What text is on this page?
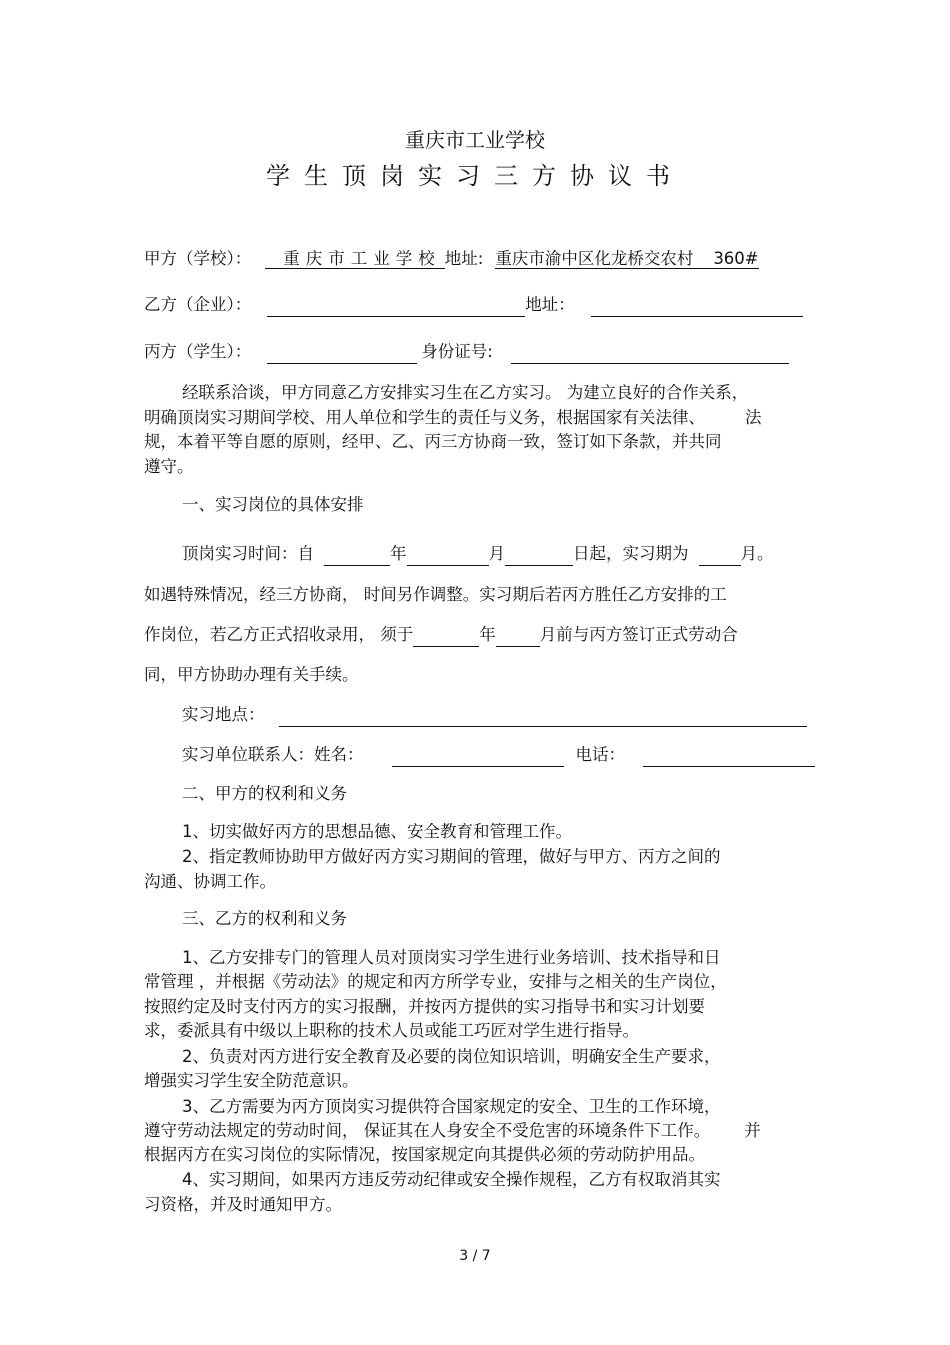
重庆市工业学校
学生顶岗实习三方协议书
甲方（学校）： 重庆市工业学校 地址: 重庆市渝中区化龙桥交农村 360#
乙方（企业）：	地址：
丙方（学生）：	身份证号:
经联系洽谈，甲方同意乙方安排实习生在乙方实习。 为建立良好的合作关系，
明确顶岗实习期间学校、用人单位和学生的责任与义务，根据国家有关法律、 法
规，本着平等自愿的原则，经甲、乙、丙三方协商一致，签订如下条款，并共同
遵守。
一、实习岗位的具体安排
顶岗实习时间：自	年	月	日起，实习期为	月。
如遇特殊情况，经三方协商， 时间另作调整。实习期后若丙方胜任乙方安排的工
作岗位，若乙方正式招收录用， 须于	年	月前与丙方签订正式劳动合
同，甲方协助办理有关手续。
实习地点：
实习单位联系人：姓名：	电话：
二、甲方的权利和义务
1、切实做好丙方的思想品德、安全教育和管理工作。
2、指定教师协助甲方做好丙方实习期间的管理，做好与甲方、丙方之间的
沟通、协调工作。
三、乙方的权利和义务
1、乙方安排专门的管理人员对顶岗实习学生进行业务培训、技术指导和日
常管理 ，并根据《劳动法》的规定和丙方所学专业，安排与之相关的生产岗位，
按照约定及时支付丙方的实习报酬，并按丙方提供的实习指导书和实习计划要
求，委派具有中级以上职称的技术人员或能工巧匠对学生进行指导。
2、负责对丙方进行安全教育及必要的岗位知识培训，明确安全生产要求，
增强实习学生安全防范意识。
3、乙方需要为丙方顶岗实习提供符合国家规定的安全、卫生的工作环境，
遵守劳动法规定的劳动时间， 保证其在人身安全不受危害的环境条件下工作。 并
根据丙方在实习岗位的实际情况，按国家规定向其提供必须的劳动防护用品。
4、实习期间，如果丙方违反劳动纪律或安全操作规程，乙方有权取消其实
习资格，并及时通知甲方。
3 / 7
